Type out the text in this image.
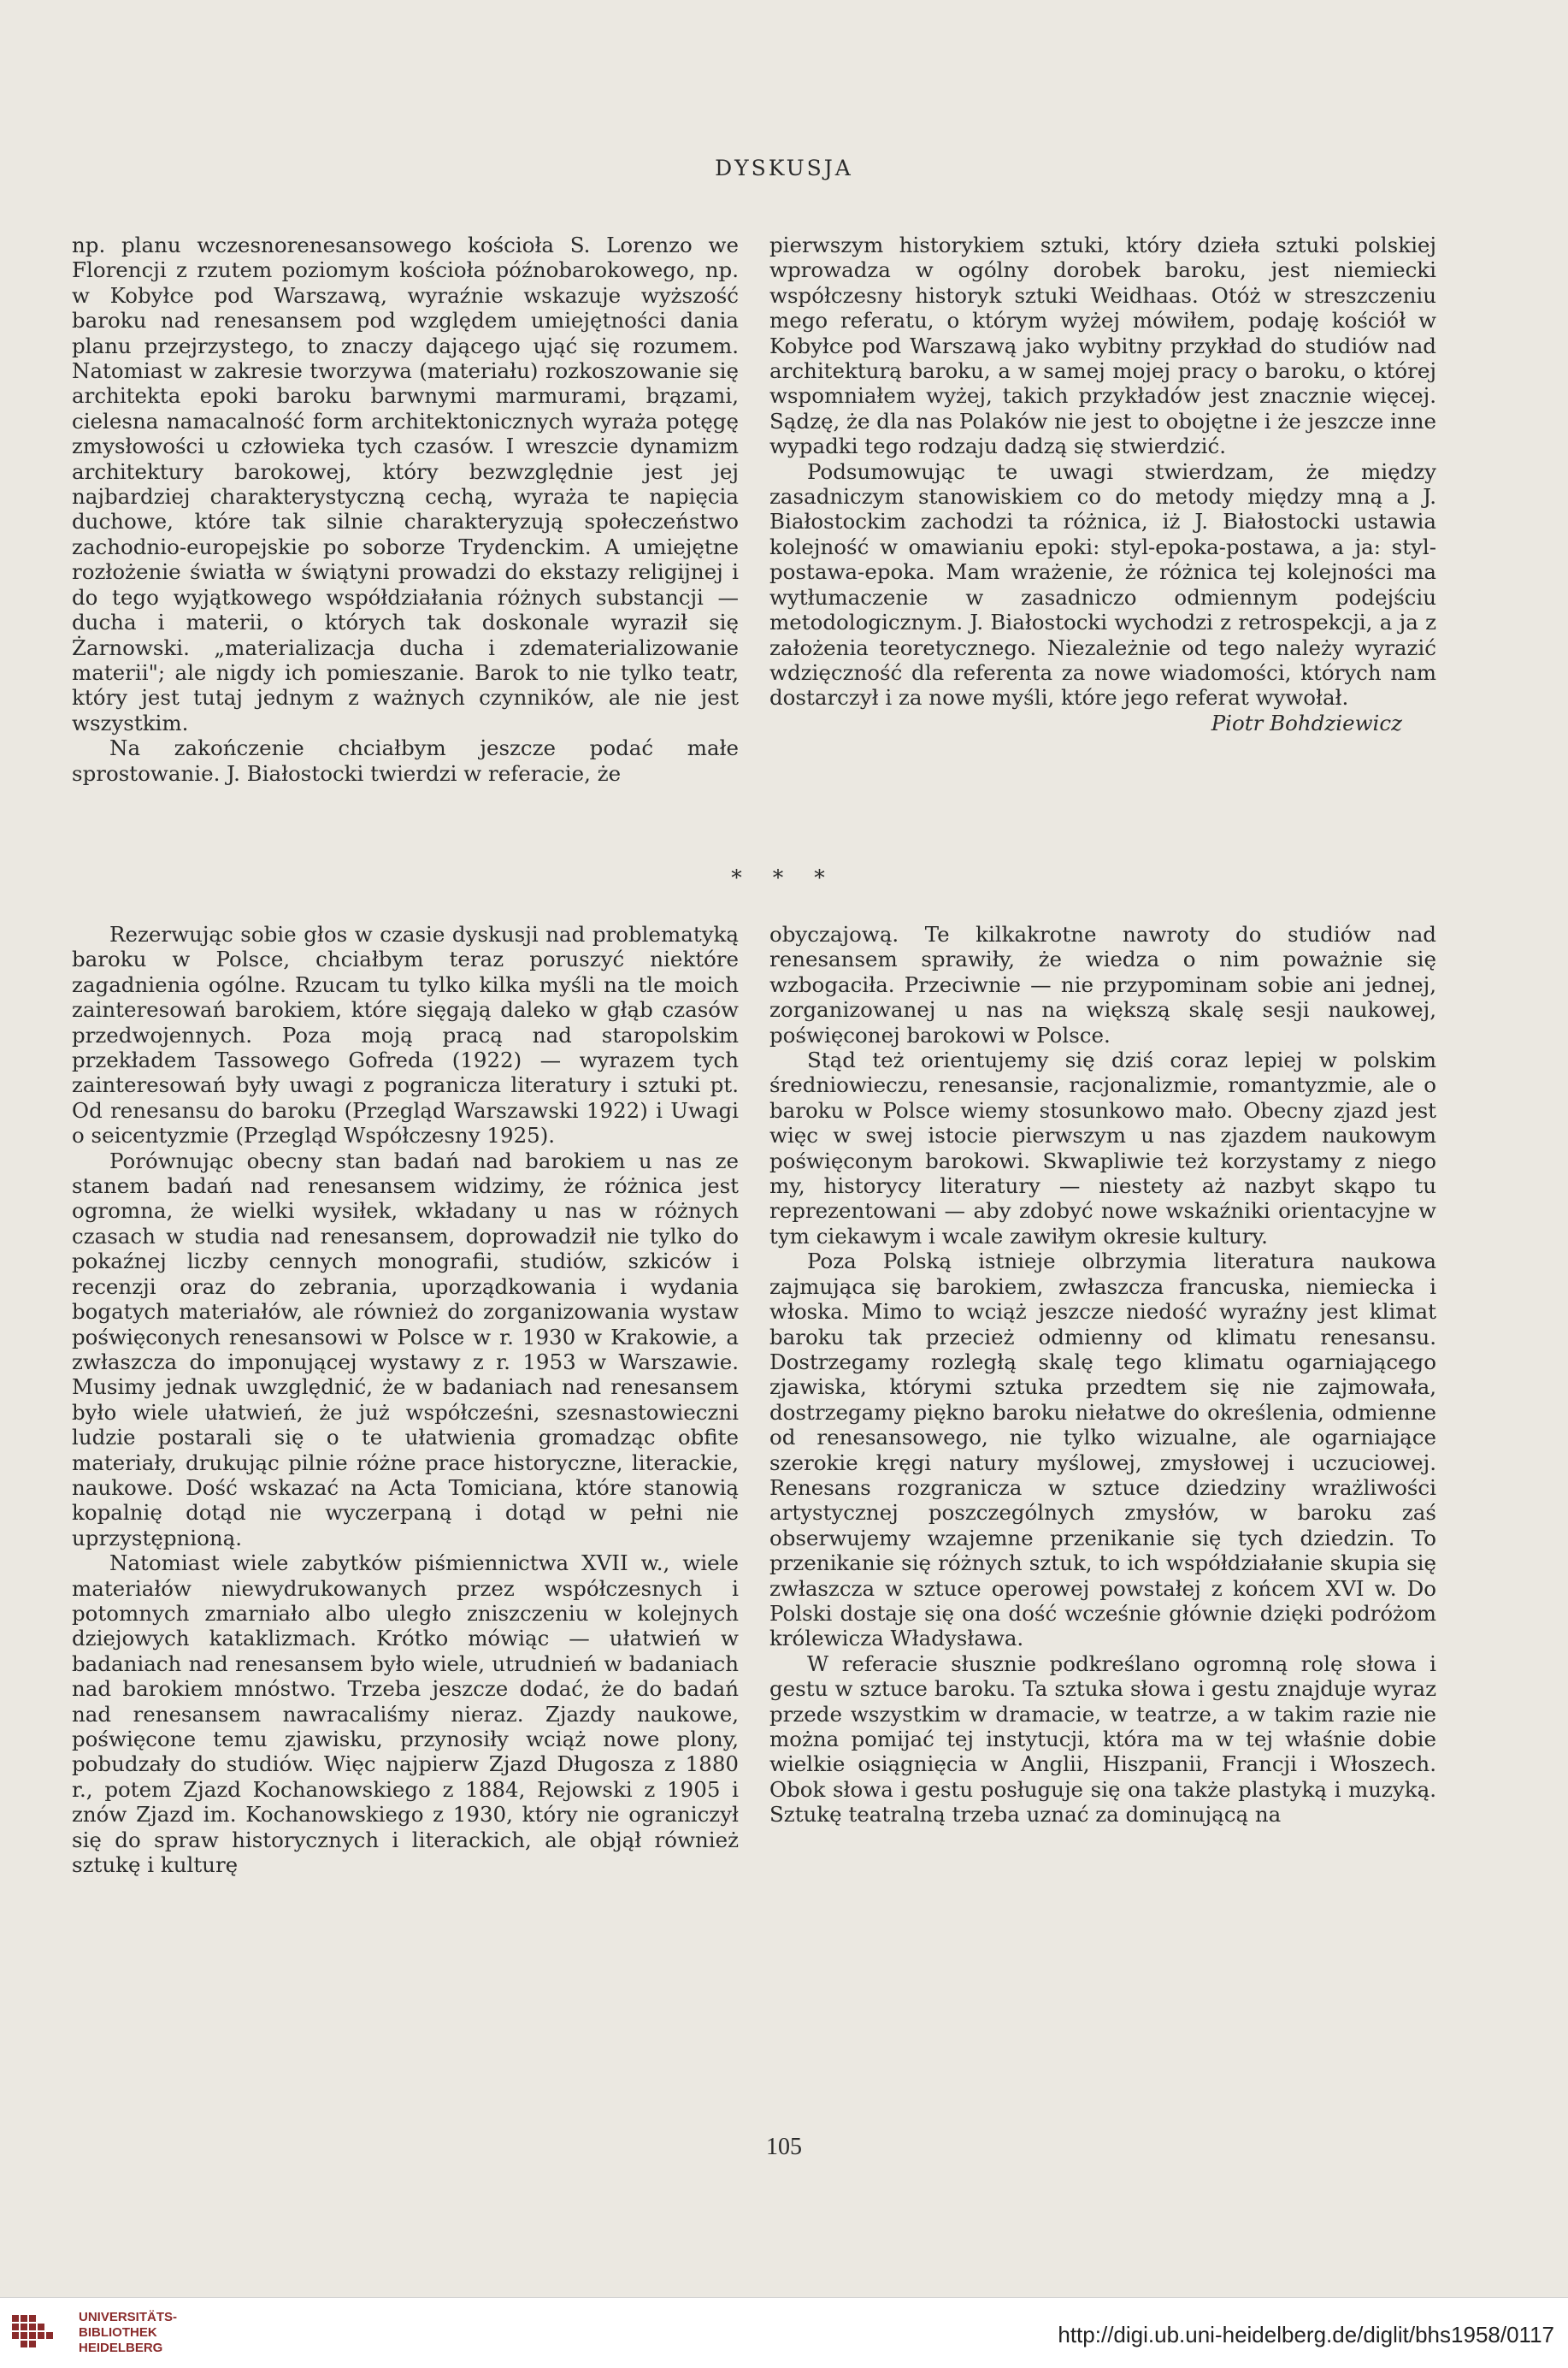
DYSKUSJA

np. planu wczesnorenesansowego kościoła S. Lorenzo we Florencji z rzutem poziomym kościoła późnobarokowego, np. w Kobyłce pod Warszawą, wyraźnie wskazuje wyższość baroku nad renesansem pod względem umiejętności dania planu przejrzystego, to znaczy dającego ująć się rozumem. Natomiast w zakresie tworzywa (materiału) rozkoszowanie się architekta epoki baroku barwnymi marmurami, brązami, cielesna namacalność form architektonicznych wyraża potęgę zmysłowości u człowieka tych czasów. I wreszcie dynamizm architektury barokowej, który bezwzględnie jest jej najbardziej charakterystyczną cechą, wyraża te napięcia duchowe, które tak silnie charakteryzują społeczeństwo zachodnio-europejskie po soborze Trydenckim. A umiejętne rozłożenie światła w świątyni prowadzi do ekstazy religijnej i do tego wyjątkowego współdziałania różnych substancji — ducha i materii, o których tak doskonale wyraził się Żarnowski. „materializacja ducha i zdematerializowanie materii"; ale nigdy ich pomieszanie. Barok to nie tylko teatr, który jest tutaj jednym z ważnych czynników, ale nie jest wszystkim.

Na zakończenie chciałbym jeszcze podać małe sprostowanie. J. Białostocki twierdzi w referacie, że

pierwszym historykiem sztuki, który dzieła sztuki polskiej wprowadza w ogólny dorobek baroku, jest niemiecki współczesny historyk sztuki Weidhaas. Otóż w streszczeniu mego referatu, o którym wyżej mówiłem, podaję kościół w Kobyłce pod Warszawą jako wybitny przykład do studiów nad architekturą baroku, a w samej mojej pracy o baroku, o której wspomniałem wyżej, takich przykładów jest znacznie więcej. Sądzę, że dla nas Polaków nie jest to obojętne i że jeszcze inne wypadki tego rodzaju dadzą się stwierdzić.

Podsumowując te uwagi stwierdzam, że między zasadniczym stanowiskiem co do metody między mną a J. Białostockim zachodzi ta różnica, iż J. Białostocki ustawia kolejność w omawianiu epoki: styl-epoka-postawa, a ja: styl-postawa-epoka. Mam wrażenie, że różnica tej kolejności ma wytłumaczenie w zasadniczo odmiennym podejściu metodologicznym. J. Białostocki wychodzi z retrospekcji, a ja z założenia teoretycznego. Niezależnie od tego należy wyrazić wdzięczność dla referenta za nowe wiadomości, których nam dostarczył i za nowe myśli, które jego referat wywołał.

Piotr Bohdziewicz

* * *

Rezerwując sobie głos w czasie dyskusji nad problematyką baroku w Polsce, chciałbym teraz poruszyć niektóre zagadnienia ogólne. Rzucam tu tylko kilka myśli na tle moich zainteresowań barokiem, które sięgają daleko w głąb czasów przedwojennych. Poza moją pracą nad staropolskim przekładem Tassowego Gofreda (1922) — wyrazem tych zainteresowań były uwagi z pogranicza literatury i sztuki pt. Od renesansu do baroku (Przegląd Warszawski 1922) i Uwagi o seicentyzmie (Przegląd Współczesny 1925).

Porównując obecny stan badań nad barokiem u nas ze stanem badań nad renesansem widzimy, że różnica jest ogromna, że wielki wysiłek, wkładany u nas w różnych czasach w studia nad renesansem, doprowadził nie tylko do pokaźnej liczby cennych monografii, studiów, szkiców i recenzji oraz do zebrania, uporządkowania i wydania bogatych materiałów, ale również do zorganizowania wystaw poświęconych renesansowi w Polsce w r. 1930 w Krakowie, a zwłaszcza do imponującej wystawy z r. 1953 w Warszawie. Musimy jednak uwzględnić, że w badaniach nad renesansem było wiele ułatwień, że już współcześni, szesnastowieczni ludzie postarali się o te ułatwienia gromadząc obfite materiały, drukując pilnie różne prace historyczne, literackie, naukowe. Dość wskazać na Acta Tomiciana, które stanowią kopalnię dotąd nie wyczerpaną i dotąd w pełni nie uprzystępnioną.

Natomiast wiele zabytków piśmiennictwa XVII w., wiele materiałów niewydrukowanych przez współczesnych i potomnych zmarniało albo uległo zniszczeniu w kolejnych dziejowych kataklizmach. Krótko mówiąc — ułatwień w badaniach nad renesansem było wiele, utrudnień w badaniach nad barokiem mnóstwo. Trzeba jeszcze dodać, że do badań nad renesansem nawracaliśmy nieraz. Zjazdy naukowe, poświęcone temu zjawisku, przynosiły wciąż nowe plony, pobudzały do studiów. Więc najpierw Zjazd Długosza z 1880 r., potem Zjazd Kochanowskiego z 1884, Rejowski z 1905 i znów Zjazd im. Kochanowskiego z 1930, który nie ograniczył się do spraw historycznych i literackich, ale objął również sztukę i kulturę

obyczajową. Te kilkakrotne nawroty do studiów nad renesansem sprawiły, że wiedza o nim poważnie się wzbogaciła. Przeciwnie — nie przypominam sobie ani jednej, zorganizowanej u nas na większą skalę sesji naukowej, poświęconej barokowi w Polsce.

Stąd też orientujemy się dziś coraz lepiej w polskim średniowieczu, renesansie, racjonalizmie, romantyzmie, ale o baroku w Polsce wiemy stosunkowo mało. Obecny zjazd jest więc w swej istocie pierwszym u nas zjazdem naukowym poświęconym barokowi. Skwapliwie też korzystamy z niego my, historycy literatury — niestety aż nazbyt skąpo tu reprezentowani — aby zdobyć nowe wskaźniki orientacyjne w tym ciekawym i wcale zawiłym okresie kultury.

Poza Polską istnieje olbrzymia literatura naukowa zajmująca się barokiem, zwłaszcza francuska, niemiecka i włoska. Mimo to wciąż jeszcze niedość wyraźny jest klimat baroku tak przecież odmienny od klimatu renesansu. Dostrzegamy rozległą skalę tego klimatu ogarniającego zjawiska, którymi sztuka przedtem się nie zajmowała, dostrzegamy piękno baroku niełatwe do określenia, odmienne od renesansowego, nie tylko wizualne, ale ogarniające szerokie kręgi natury myślowej, zmysłowej i uczuciowej. Renesans rozgranicza w sztuce dziedziny wrażliwości artystycznej poszczególnych zmysłów, w baroku zaś obserwujemy wzajemne przenikanie się tych dziedzin. To przenikanie się różnych sztuk, to ich współdziałanie skupia się zwłaszcza w sztuce operowej powstałej z końcem XVI w. Do Polski dostaje się ona dość wcześnie głównie dzięki podróżom królewicza Władysława.

W referacie słusznie podkreślano ogromną rolę słowa i gestu w sztuce baroku. Ta sztuka słowa i gestu znajduje wyraz przede wszystkim w dramacie, w teatrze, a w takim razie nie można pomijać tej instytucji, która ma w tej właśnie dobie wielkie osiągnięcia w Anglii, Hiszpanii, Francji i Włoszech. Obok słowa i gestu posługuje się ona także plastyką i muzyką. Sztukę teatralną trzeba uznać za dominującą na

105
UNIVERSITÄTS-
BIBLIOTHEK
HEIDELBERG
http://digi.ub.uni-heidelberg.de/diglit/bhs1958/0117
